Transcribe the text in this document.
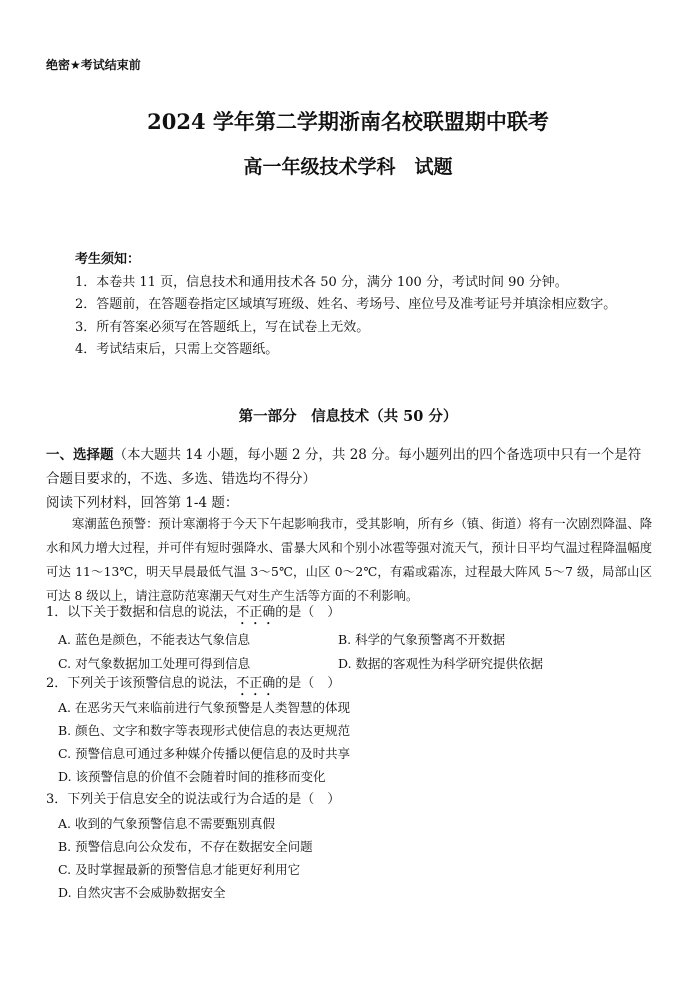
绝密★考试结束前
2024 学年第二学期浙南名校联盟期中联考
高一年级技术学科　试题
考生须知：
1．本卷共 11 页，信息技术和通用技术各 50 分，满分 100 分，考试时间 90 分钟。
2．答题前，在答题卷指定区域填写班级、姓名、考场号、座位号及准考证号并填涂相应数字。
3．所有答案必须写在答题纸上，写在试卷上无效。
4．考试结束后，只需上交答题纸。
第一部分　信息技术（共 50 分）
一、选择题（本大题共 14 小题，每小题 2 分，共 28 分。每小题列出的四个备选项中只有一个是符合题目要求的，不选、多选、错选均不得分）
阅读下列材料，回答第 1-4 题：
寒潮蓝色预警：预计寒潮将于今天下午起影响我市，受其影响，所有乡（镇、街道）将有一次剧烈降温、降水和风力增大过程，并可伴有短时强降水、雷暴大风和个别小冰雹等强对流天气，预计日平均气温过程降温幅度可达 11～13℃，明天早晨最低气温 3～5℃，山区 0～2℃，有霜或霜冻，过程最大阵风 5～7 级，局部山区可达 8 级以上，请注意防范寒潮天气对生产生活等方面的不利影响。
1．以下关于数据和信息的说法，不正确的是（　）
A. 蓝色是颜色，不能表达气象信息	B. 科学的气象预警离不开数据
C. 对气象数据加工处理可得到信息	D. 数据的客观性为科学研究提供依据
2．下列关于该预警信息的说法，不正确的是（　）
A. 在恶劣天气来临前进行气象预警是人类智慧的体现
B. 颜色、文字和数字等表现形式使信息的表达更规范
C. 预警信息可通过多种媒介传播以便信息的及时共享
D. 该预警信息的价值不会随着时间的推移而变化
3．下列关于信息安全的说法或行为合适的是（　）
A. 收到的气象预警信息不需要甄别真假
B. 预警信息向公众发布，不存在数据安全问题
C. 及时掌握最新的预警信息才能更好利用它
D. 自然灾害不会威胁数据安全
